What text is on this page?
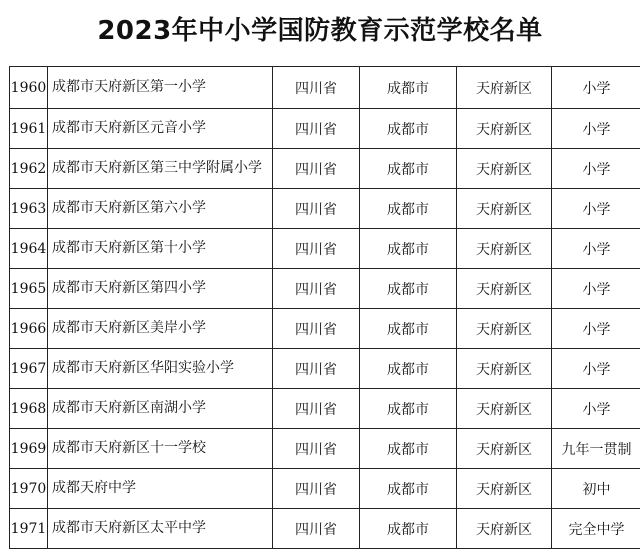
2023年中小学国防教育示范学校名单
1960	成都市天府新区第一小学	四川省	成都市	天府新区	小学
1961	成都市天府新区元音小学	四川省	成都市	天府新区	小学
1962	成都市天府新区第三中学附属小学	四川省	成都市	天府新区	小学
1963	成都市天府新区第六小学	四川省	成都市	天府新区	小学
1964	成都市天府新区第十小学	四川省	成都市	天府新区	小学
1965	成都市天府新区第四小学	四川省	成都市	天府新区	小学
1966	成都市天府新区美岸小学	四川省	成都市	天府新区	小学
1967	成都市天府新区华阳实验小学	四川省	成都市	天府新区	小学
1968	成都市天府新区南湖小学	四川省	成都市	天府新区	小学
1969	成都市天府新区十一学校	四川省	成都市	天府新区	九年一贯制
1970	成都天府中学	四川省	成都市	天府新区	初中
1971	成都市天府新区太平中学	四川省	成都市	天府新区	完全中学
